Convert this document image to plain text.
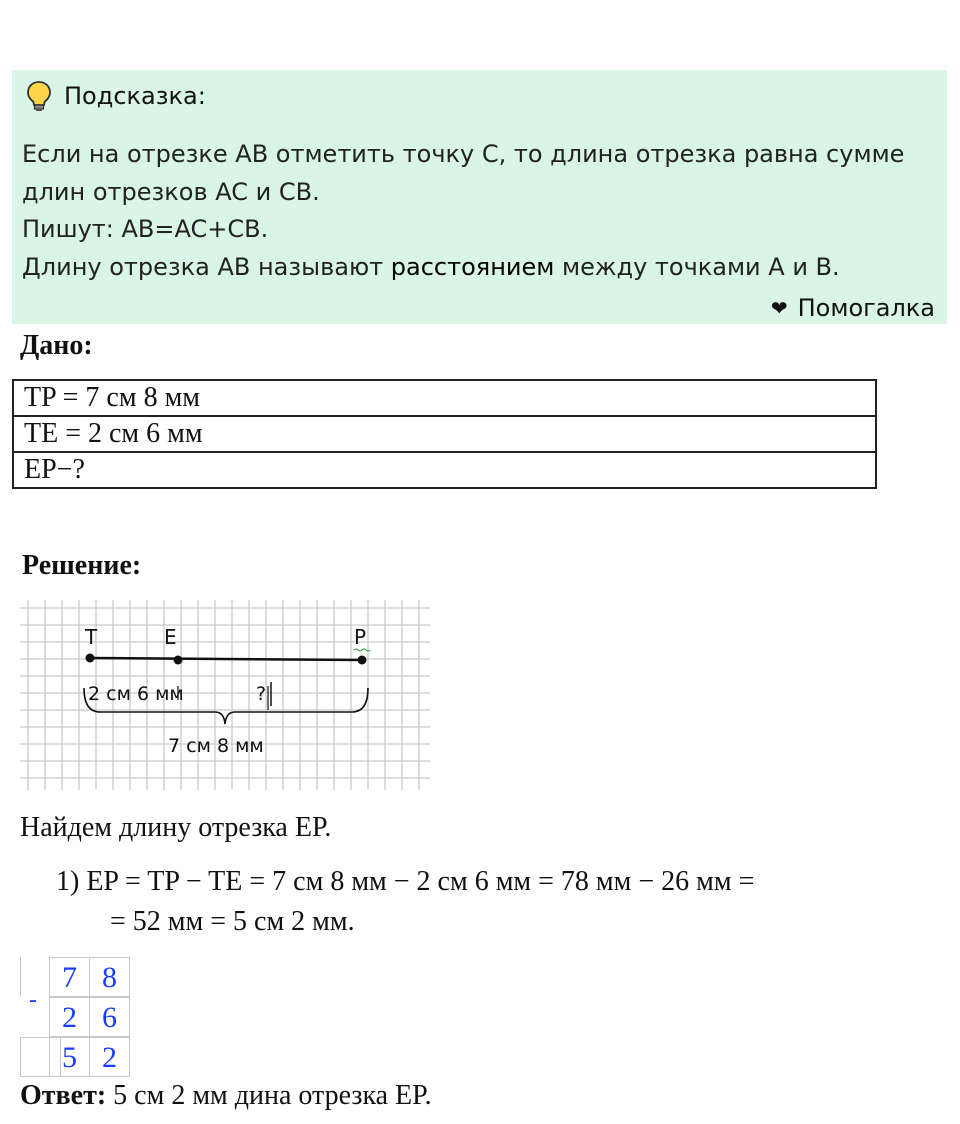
Подсказка:

Если на отрезке AB отметить точку C, то длина отрезка равна сумме

длин отрезков AC и CB.

Пишут: AB=AC+CB.

Длину отрезка AB называют расстоянием между точками A и B.

❤ Помогалка
Дано:
TP = 7 см 8 мм
TE = 2 см 6 мм
EP−?
Решение:
T	E	P
2 см 6 мм	?
7 см 8 мм
Найдем длину отрезка EP.
1) EP = TP − TE = 7 см 8 мм − 2 см 6 мм = 78 мм − 26 мм =
= 52 мм = 5 см 2 мм.
-
7 8
2 6
5 2
Ответ: 5 см 2 мм дина отрезка EP.
